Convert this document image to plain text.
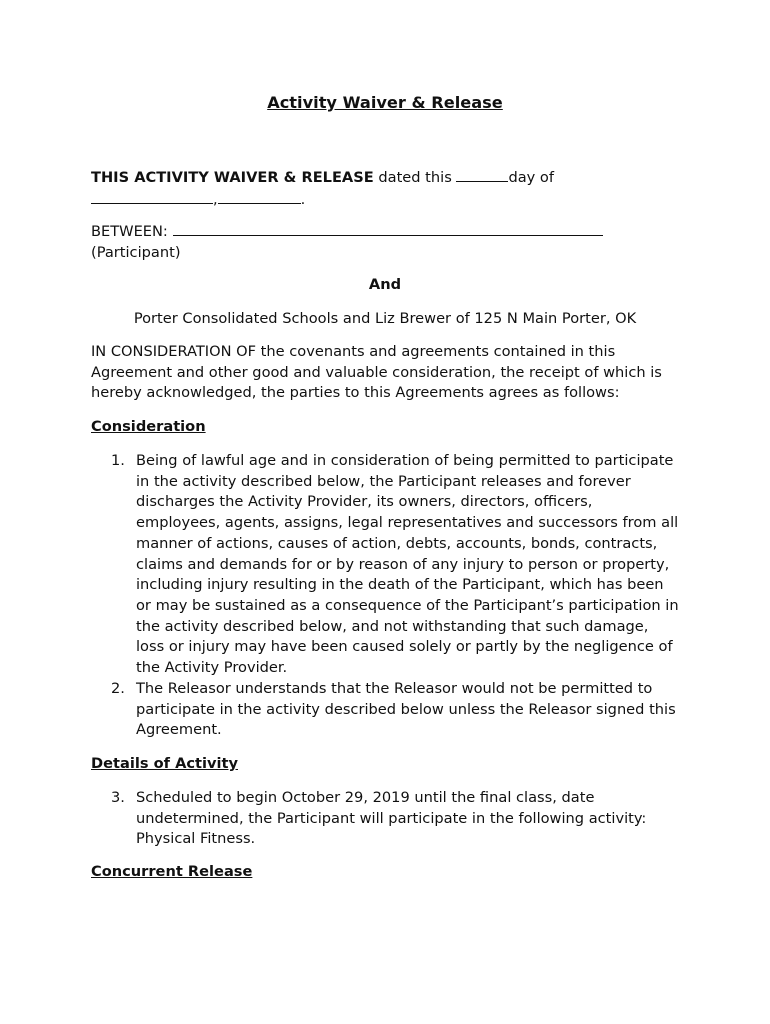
Activity Waiver & Release
THIS ACTIVITY WAIVER & RELEASE dated this	day of
,	.
BETWEEN:
(Participant)
And
Porter Consolidated Schools and Liz Brewer of 125 N Main Porter, OK
IN CONSIDERATION OF the covenants and agreements contained in this Agreement and other good and valuable consideration, the receipt of which is hereby acknowledged, the parties to this Agreements agrees as follows:
Consideration
1. Being of lawful age and in consideration of being permitted to participate in the activity described below, the Participant releases and forever discharges the Activity Provider, its owners, directors, officers, employees, agents, assigns, legal representatives and successors from all manner of actions, causes of action, debts, accounts, bonds, contracts, claims and demands for or by reason of any injury to person or property, including injury resulting in the death of the Participant, which has been or may be sustained as a consequence of the Participant’s participation in the activity described below, and not withstanding that such damage, loss or injury may have been caused solely or partly by the negligence of the Activity Provider.
2. The Releasor understands that the Releasor would not be permitted to participate in the activity described below unless the Releasor signed this Agreement.
Details of Activity
3. Scheduled to begin October 29, 2019 until the final class, date undetermined, the Participant will participate in the following activity: Physical Fitness.
Concurrent Release
